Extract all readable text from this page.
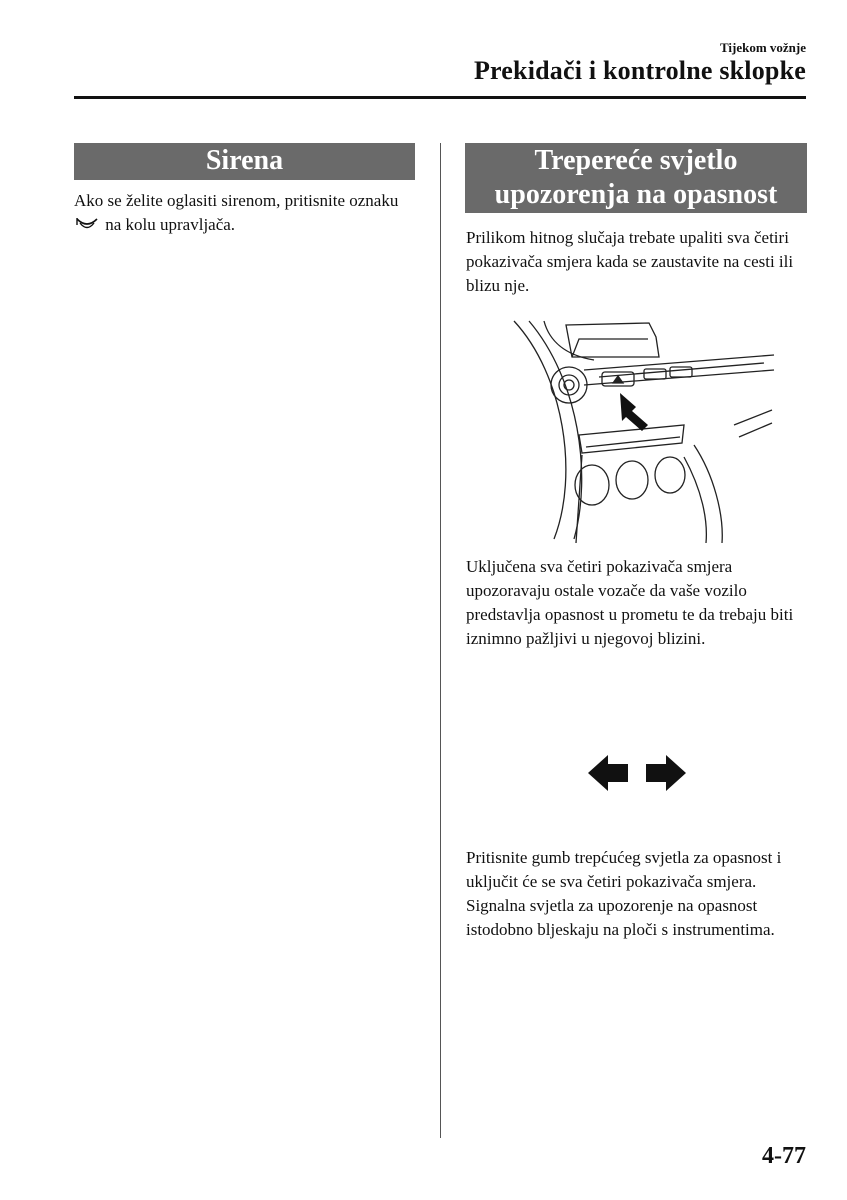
Tijekom vožnje
Prekidači i kontrolne sklopke
Sirena
Ako se želite oglasiti sirenom, pritisnite oznaku  na kolu upravljača.
Trepereće svjetlo
upozorenja na opasnost
Prilikom hitnog slučaja trebate upaliti sva četiri pokazivača smjera kada se zaustavite na cesti ili blizu nje.
Uključena sva četiri pokazivača smjera upozoravaju ostale vozače da vaše vozilo predstavlja opasnost u prometu te da trebaju biti iznimno pažljivi u njegovoj blizini.
Pritisnite gumb trepćućeg svjetla za opasnost i uključit će se sva četiri pokazivača smjera. Signalna svjetla za upozorenje na opasnost istodobno bljeskaju na ploči s instrumentima.
4-77
